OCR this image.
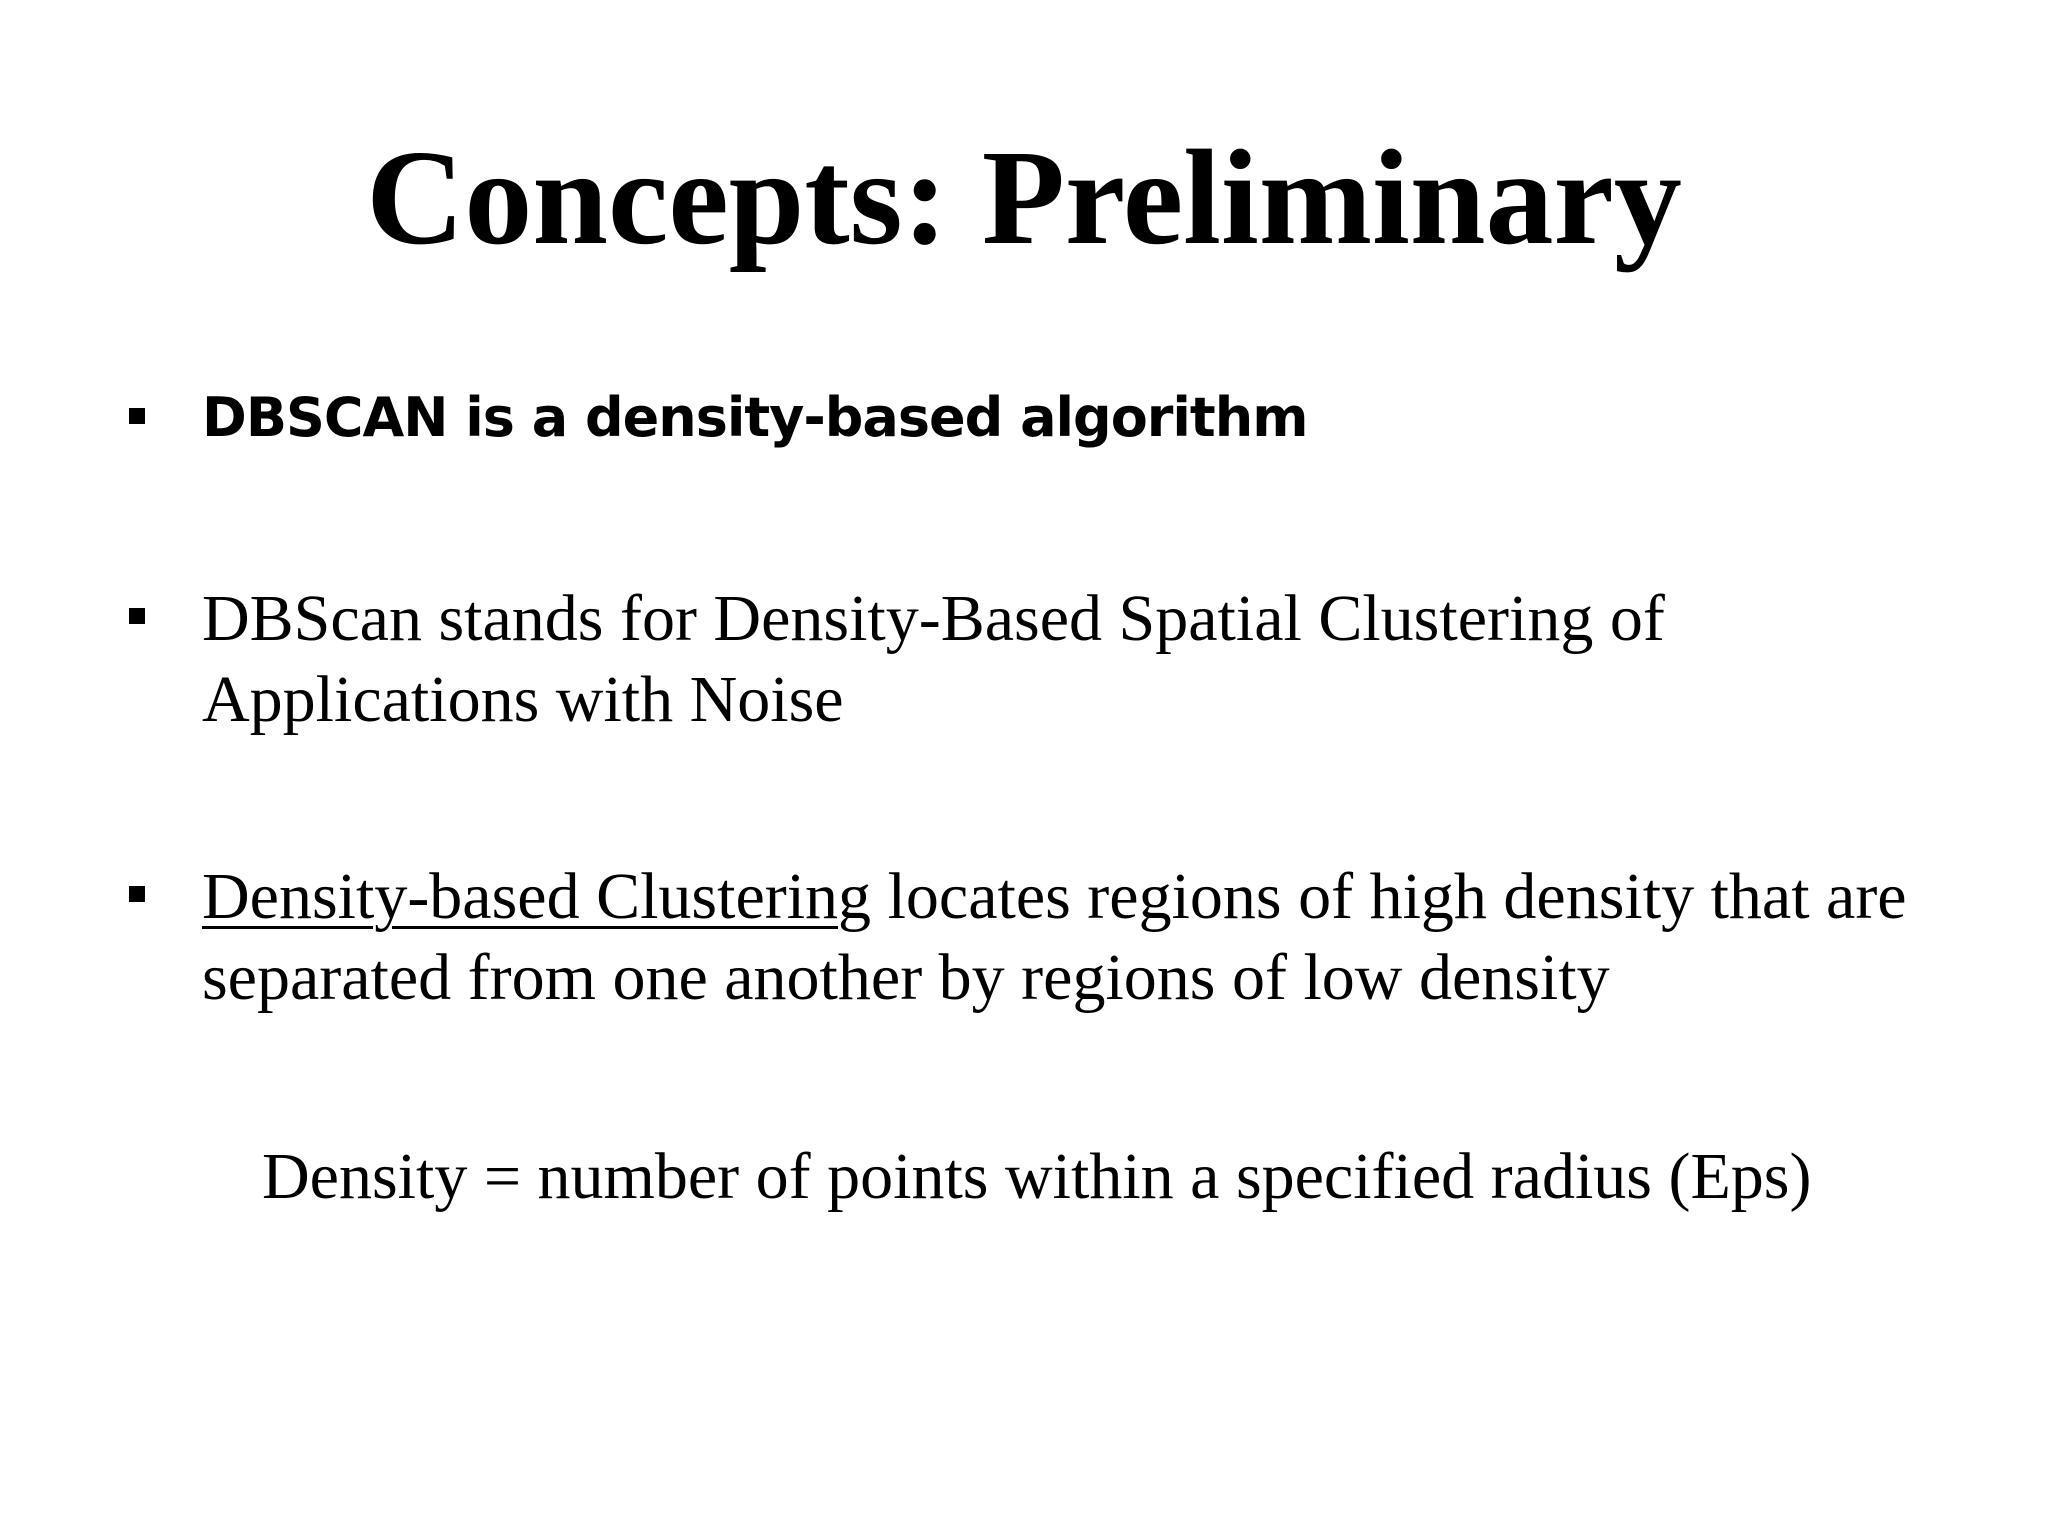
Concepts: Preliminary
DBSCAN is a density-based algorithm
DBScan stands for Density-Based Spatial Clustering of Applications with Noise
Density-based Clustering locates regions of high density that are separated from one another by regions of low density
Density = number of points within a specified radius (Eps)
